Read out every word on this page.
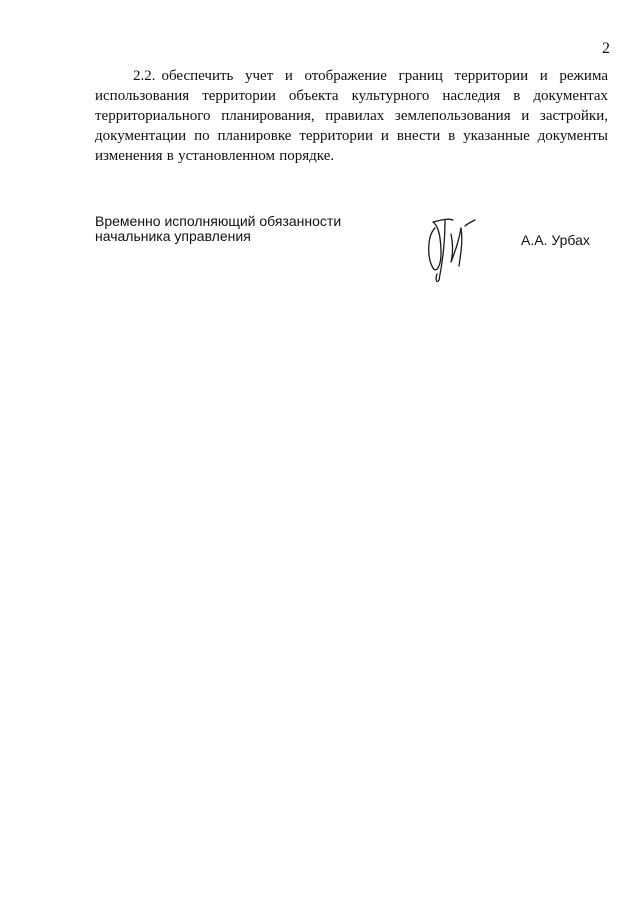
2
2.2. обеспечить учет и отображение границ территории и режима использования территории объекта культурного наследия в документах территориального планирования, правилах землепользования и застройки, документации по планировке территории и внести в указанные документы изменения в установленном порядке.
Временно исполняющий обязанности
начальника управления	А.А. Урбах
